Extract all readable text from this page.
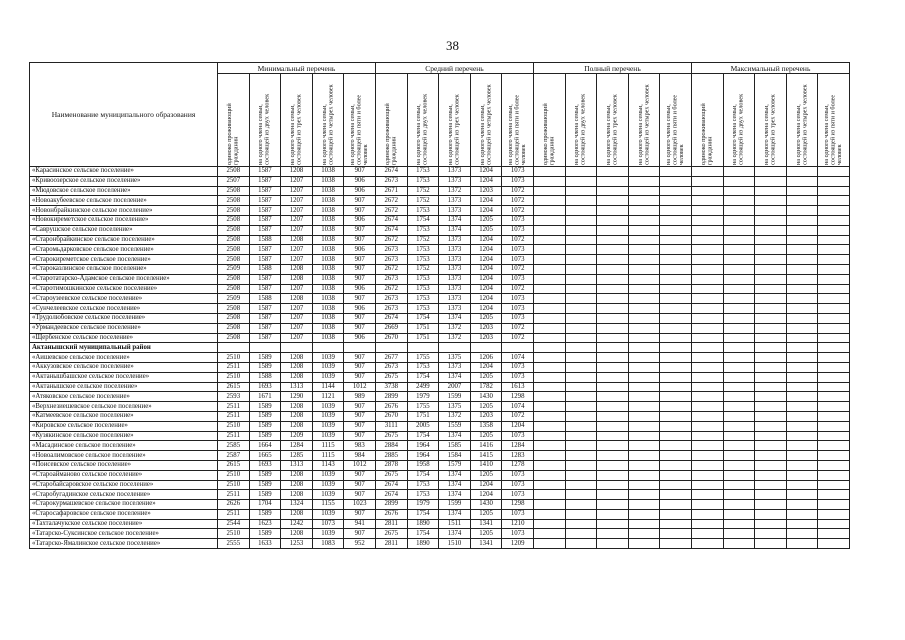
38
Наименование муниципального образования	Минимальный перечень					Средний перечень					Полный перечень					Максимальный перечень				

	одиноко проживающий гражданин	на одного члена семьи, состоящей из двух человек	на одного члена семьи, состоящей из трех человек	на одного члена семьи, состоящей из четырех человек	на одного члена семьи, состоящей из пяти и более человек	одиноко проживающий гражданин	на одного члена семьи, состоящей из двух человек	на одного члена семьи, состоящей из трех человек	на одного члена семьи, состоящей из четырех человек	на одного члена семьи, состоящей из пяти и более человек	одиноко проживающий гражданин	на одного члена семьи, состоящей из двух человек	на одного члена семьи, состоящей из трех человек	на одного члена семьи, состоящей из четырех человек	на одного члена семьи, состоящей из пяти и более человек	одиноко проживающий гражданин	на одного члена семьи, состоящей из двух человек	на одного члена семьи, состоящей из трех человек	на одного члена семьи, состоящей из четырех человек	на одного члена семьи, состоящей из пяти и более человек

«Карасинское сельское поселение»	2508	1587	1208	1038	907	2674	1753	1373	1204	1073										
«Кривоозерское сельское поселение»	2507	1587	1207	1038	906	2673	1753	1373	1204	1073										
«Мюдовское сельское поселение»	2508	1587	1207	1038	906	2671	1752	1372	1203	1072										
«Новоакубеевское сельское поселение»	2508	1587	1207	1038	907	2672	1752	1373	1204	1072										
«Новонбрайкинское сельское поселение»	2508	1587	1207	1038	907	2672	1753	1373	1204	1072										
«Новокиреметское сельское поселение»	2508	1587	1207	1038	906	2674	1754	1374	1205	1073										
«Саврушское сельское поселение»	2508	1587	1207	1038	907	2674	1753	1374	1205	1073										
«Старонбрайкинское сельское поселение»	2508	1588	1208	1038	907	2672	1752	1373	1204	1072										
«Старомьдарковское сельское поселение»	2508	1587	1207	1038	906	2673	1753	1373	1204	1073										
«Старокиреметское сельское поселение»	2508	1587	1207	1038	907	2673	1753	1373	1204	1073										
«Староказлинское сельское поселение»	2509	1588	1208	1038	907	2672	1752	1373	1204	1072										
«Старотатарско-Адамское сельское поселение»	2508	1587	1208	1038	907	2673	1753	1373	1204	1073										
«Старотимошкинское сельское поселение»	2508	1587	1207	1038	906	2672	1753	1373	1204	1072										
«Староузеевское сельское поселение»	2509	1588	1208	1038	907	2673	1753	1373	1204	1073										
«Сунчелеевское сельское поселение»	2508	1587	1207	1038	906	2673	1753	1373	1204	1073										
«Трудолюбовское сельское поселение»	2508	1587	1207	1038	907	2674	1754	1374	1205	1073										
«Урмандеевское сельское поселение»	2508	1587	1207	1038	907	2669	1751	1372	1203	1072										
«Щербенское сельское поселение»	2508	1587	1207	1038	906	2670	1751	1372	1203	1072										
Актанышский муниципальный район																				
«Аишевское сельское поселение»	2510	1589	1208	1039	907	2677	1755	1375	1206	1074										
«Аккузовское сельское поселение»	2511	1589	1208	1039	907	2673	1753	1373	1204	1073										
«Актанышбашское сельское поселение»	2510	1588	1208	1039	907	2675	1754	1374	1205	1073										
«Актанышское сельское поселение»	2615	1693	1313	1144	1012	3738	2499	2007	1782	1613										
«Атяковское сельское поселение»	2593	1671	1290	1121	989	2899	1979	1599	1430	1298										
«Верхнезиешевское сельское поселение»	2511	1589	1208	1039	907	2676	1755	1375	1205	1074										
«Катмеевское сельское поселение»	2511	1589	1208	1039	907	2670	1751	1372	1203	1072										
«Кировское сельское поселение»	2510	1589	1208	1039	907	3111	2005	1559	1358	1204										
«Кузякинское сельское поселение»	2511	1589	1209	1039	907	2675	1754	1374	1205	1073										
«Масадинское сельское поселение»	2585	1664	1284	1115	983	2884	1964	1585	1416	1284										
«Новоалимовское сельское поселение»	2587	1665	1285	1115	984	2885	1964	1584	1415	1283										
«Поисевское сельское поселение»	2615	1693	1313	1143	1012	2878	1958	1579	1410	1278										
«Староайманово сельское поселение»	2510	1589	1208	1039	907	2675	1754	1374	1205	1073										
«Старобайсаровское сельское поселение»	2510	1589	1208	1039	907	2674	1753	1374	1204	1073										
«Старобугадинское сельское поселение»	2511	1589	1208	1039	907	2674	1753	1374	1204	1073										
«Старокурмашевское сельское поселение»	2626	1704	1324	1155	1023	2899	1979	1599	1430	1298										
«Старосафаровское сельское поселение»	2511	1589	1208	1039	907	2676	1754	1374	1205	1073										
«Тахталачукское сельское поселение»	2544	1623	1242	1073	941	2811	1890	1511	1341	1210										
«Татарско-Суксинское сельское поселение»	2510	1589	1208	1039	907	2675	1754	1374	1205	1073										
«Татарско-Ямалинское сельское поселение»	2555	1633	1253	1083	952	2811	1890	1510	1341	1209										
